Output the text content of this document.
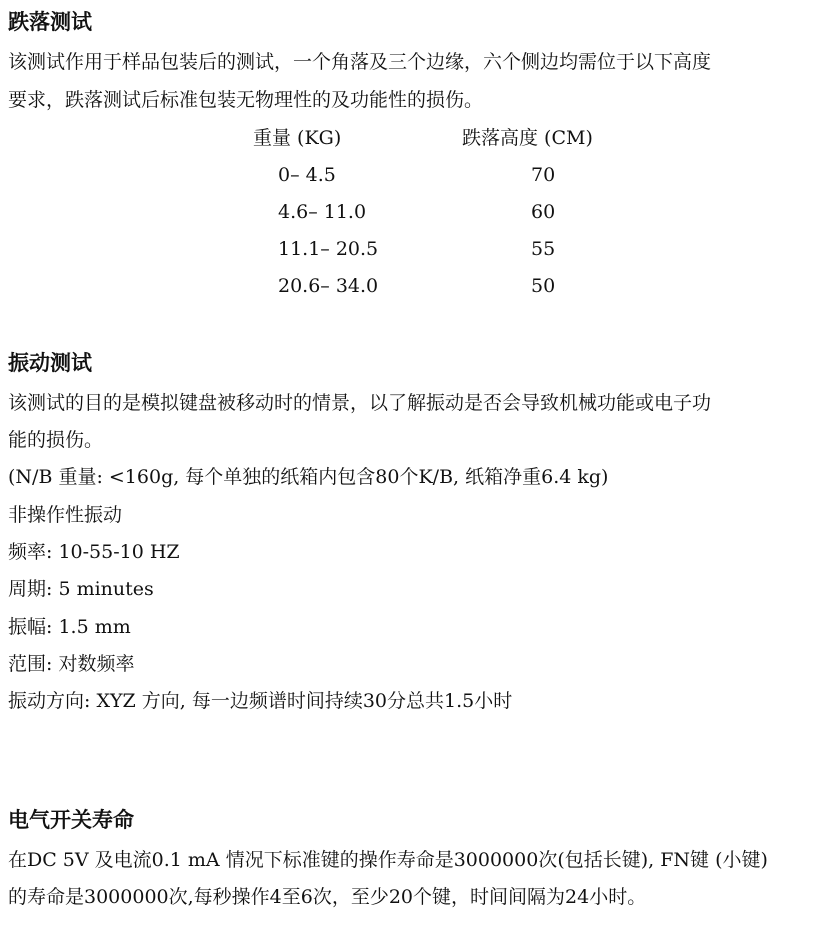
跌落测试
该测试作用于样品包装后的测试，一个角落及三个边缘，六个侧边均需位于以下高度
要求，跌落测试后标准包装无物理性的及功能性的损伤。
重量 (KG)	跌落高度 (CM)
0– 4.5	70
4.6– 11.0	60
11.1– 20.5	55
20.6– 34.0	50
振动测试
该测试的目的是模拟键盘被移动时的情景，以了解振动是否会导致机械功能或电子功
能的损伤。
(N/B 重量: <160g, 每个单独的纸箱内包含80个K/B, 纸箱净重6.4 kg)
非操作性振动
频率: 10-55-10 HZ
周期: 5 minutes
振幅: 1.5 mm
范围: 对数频率
振动方向: XYZ 方向, 每一边频谱时间持续30分总共1.5小时
电气开关寿命
在DC 5V 及电流0.1 mA 情况下标准键的操作寿命是3000000次(包括长键), FN键 (小键)
的寿命是3000000次,每秒操作4至6次，至少20个键，时间间隔为24小时。
